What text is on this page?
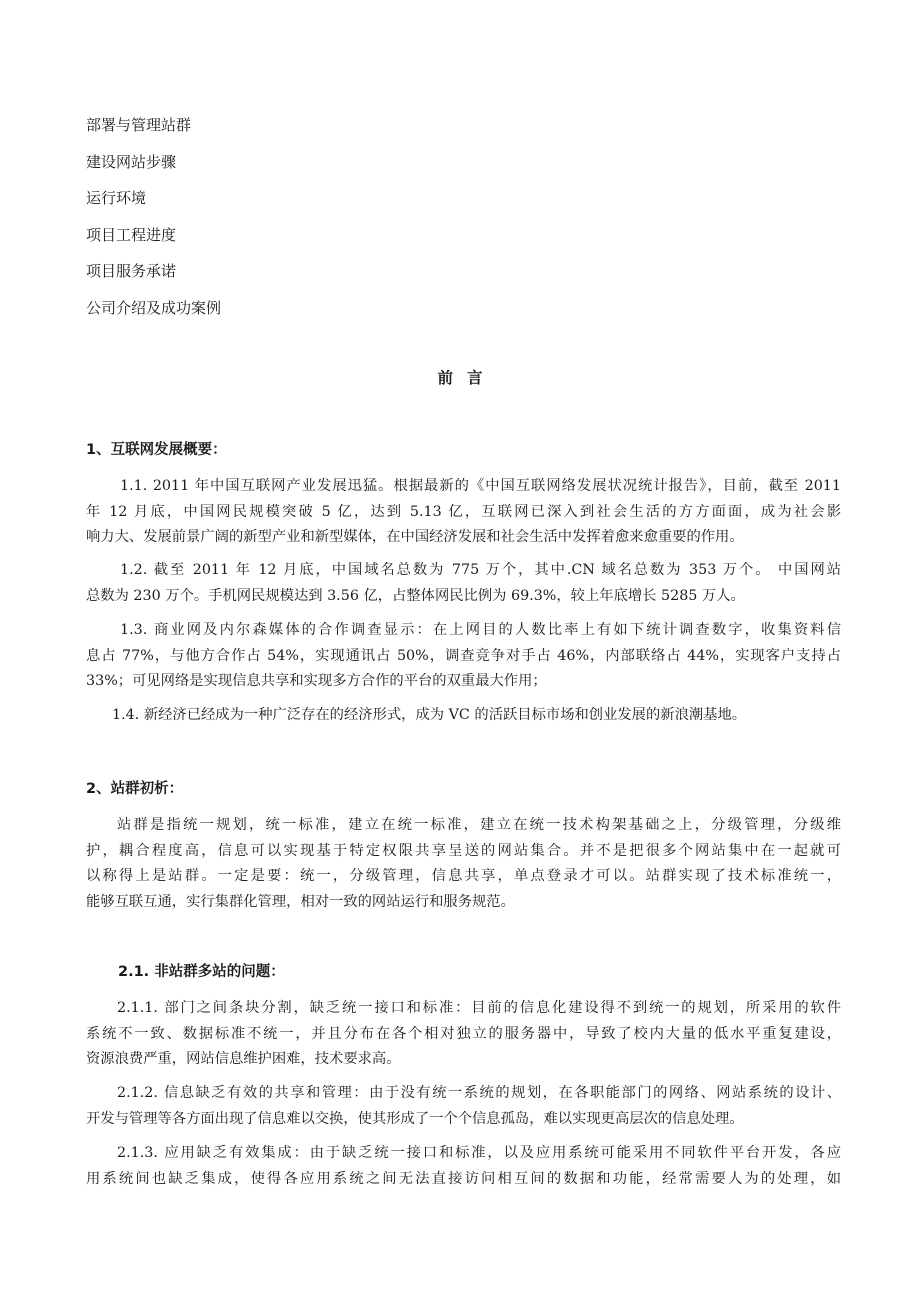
部署与管理站群
建设网站步骤
运行环境
项目工程进度
项目服务承诺
公司介绍及成功案例
前言
1、互联网发展概要：
1.1. 2011 年中国互联网产业发展迅猛。根据最新的《中国互联网络发展状况统计报告》，目前，截至 2011
年 12 月底，中国网民规模突破 5 亿，达到 5.13 亿，互联网已深入到社会生活的方方面面，成为社会影
响力大、发展前景广阔的新型产业和新型媒体，在中国经济发展和社会生活中发挥着愈来愈重要的作用。
1.2. 截至 2011 年 12 月底，中国域名总数为 775 万个，其中.CN 域名总数为 353 万个。 中国网站
总数为 230 万个。手机网民规模达到 3.56 亿，占整体网民比例为 69.3%，较上年底增长 5285 万人。
1.3. 商业网及内尔森媒体的合作调查显示：在上网目的人数比率上有如下统计调查数字，收集资料信
息占 77%，与他方合作占 54%，实现通讯占 50%，调查竞争对手占 46%，内部联络占 44%，实现客户支持占
33%；可见网络是实现信息共享和实现多方合作的平台的双重最大作用；
1.4. 新经济已经成为一种广泛存在的经济形式，成为 VC 的活跃目标市场和创业发展的新浪潮基地。
2、站群初析：
站群是指统一规划，统一标准，建立在统一标准，建立在统一技术构架基础之上，分级管理，分级维
护，耦合程度高，信息可以实现基于特定权限共享呈送的网站集合。并不是把很多个网站集中在一起就可
以称得上是站群。一定是要：统一，分级管理，信息共享，单点登录才可以。站群实现了技术标准统一，
能够互联互通，实行集群化管理，相对一致的网站运行和服务规范。
2.1. 非站群多站的问题：
2.1.1. 部门之间条块分割，缺乏统一接口和标准：目前的信息化建设得不到统一的规划，所采用的软件
系统不一致、数据标准不统一，并且分布在各个相对独立的服务器中，导致了校内大量的低水平重复建设，
资源浪费严重，网站信息维护困难，技术要求高。
2.1.2. 信息缺乏有效的共享和管理：由于没有统一系统的规划，在各职能部门的网络、网站系统的设计、
开发与管理等各方面出现了信息难以交换，使其形成了一个个信息孤岛，难以实现更高层次的信息处理。
2.1.3. 应用缺乏有效集成：由于缺乏统一接口和标准，以及应用系统可能采用不同软件平台开发，各应
用系统间也缺乏集成，使得各应用系统之间无法直接访问相互间的数据和功能，经常需要人为的处理，如
